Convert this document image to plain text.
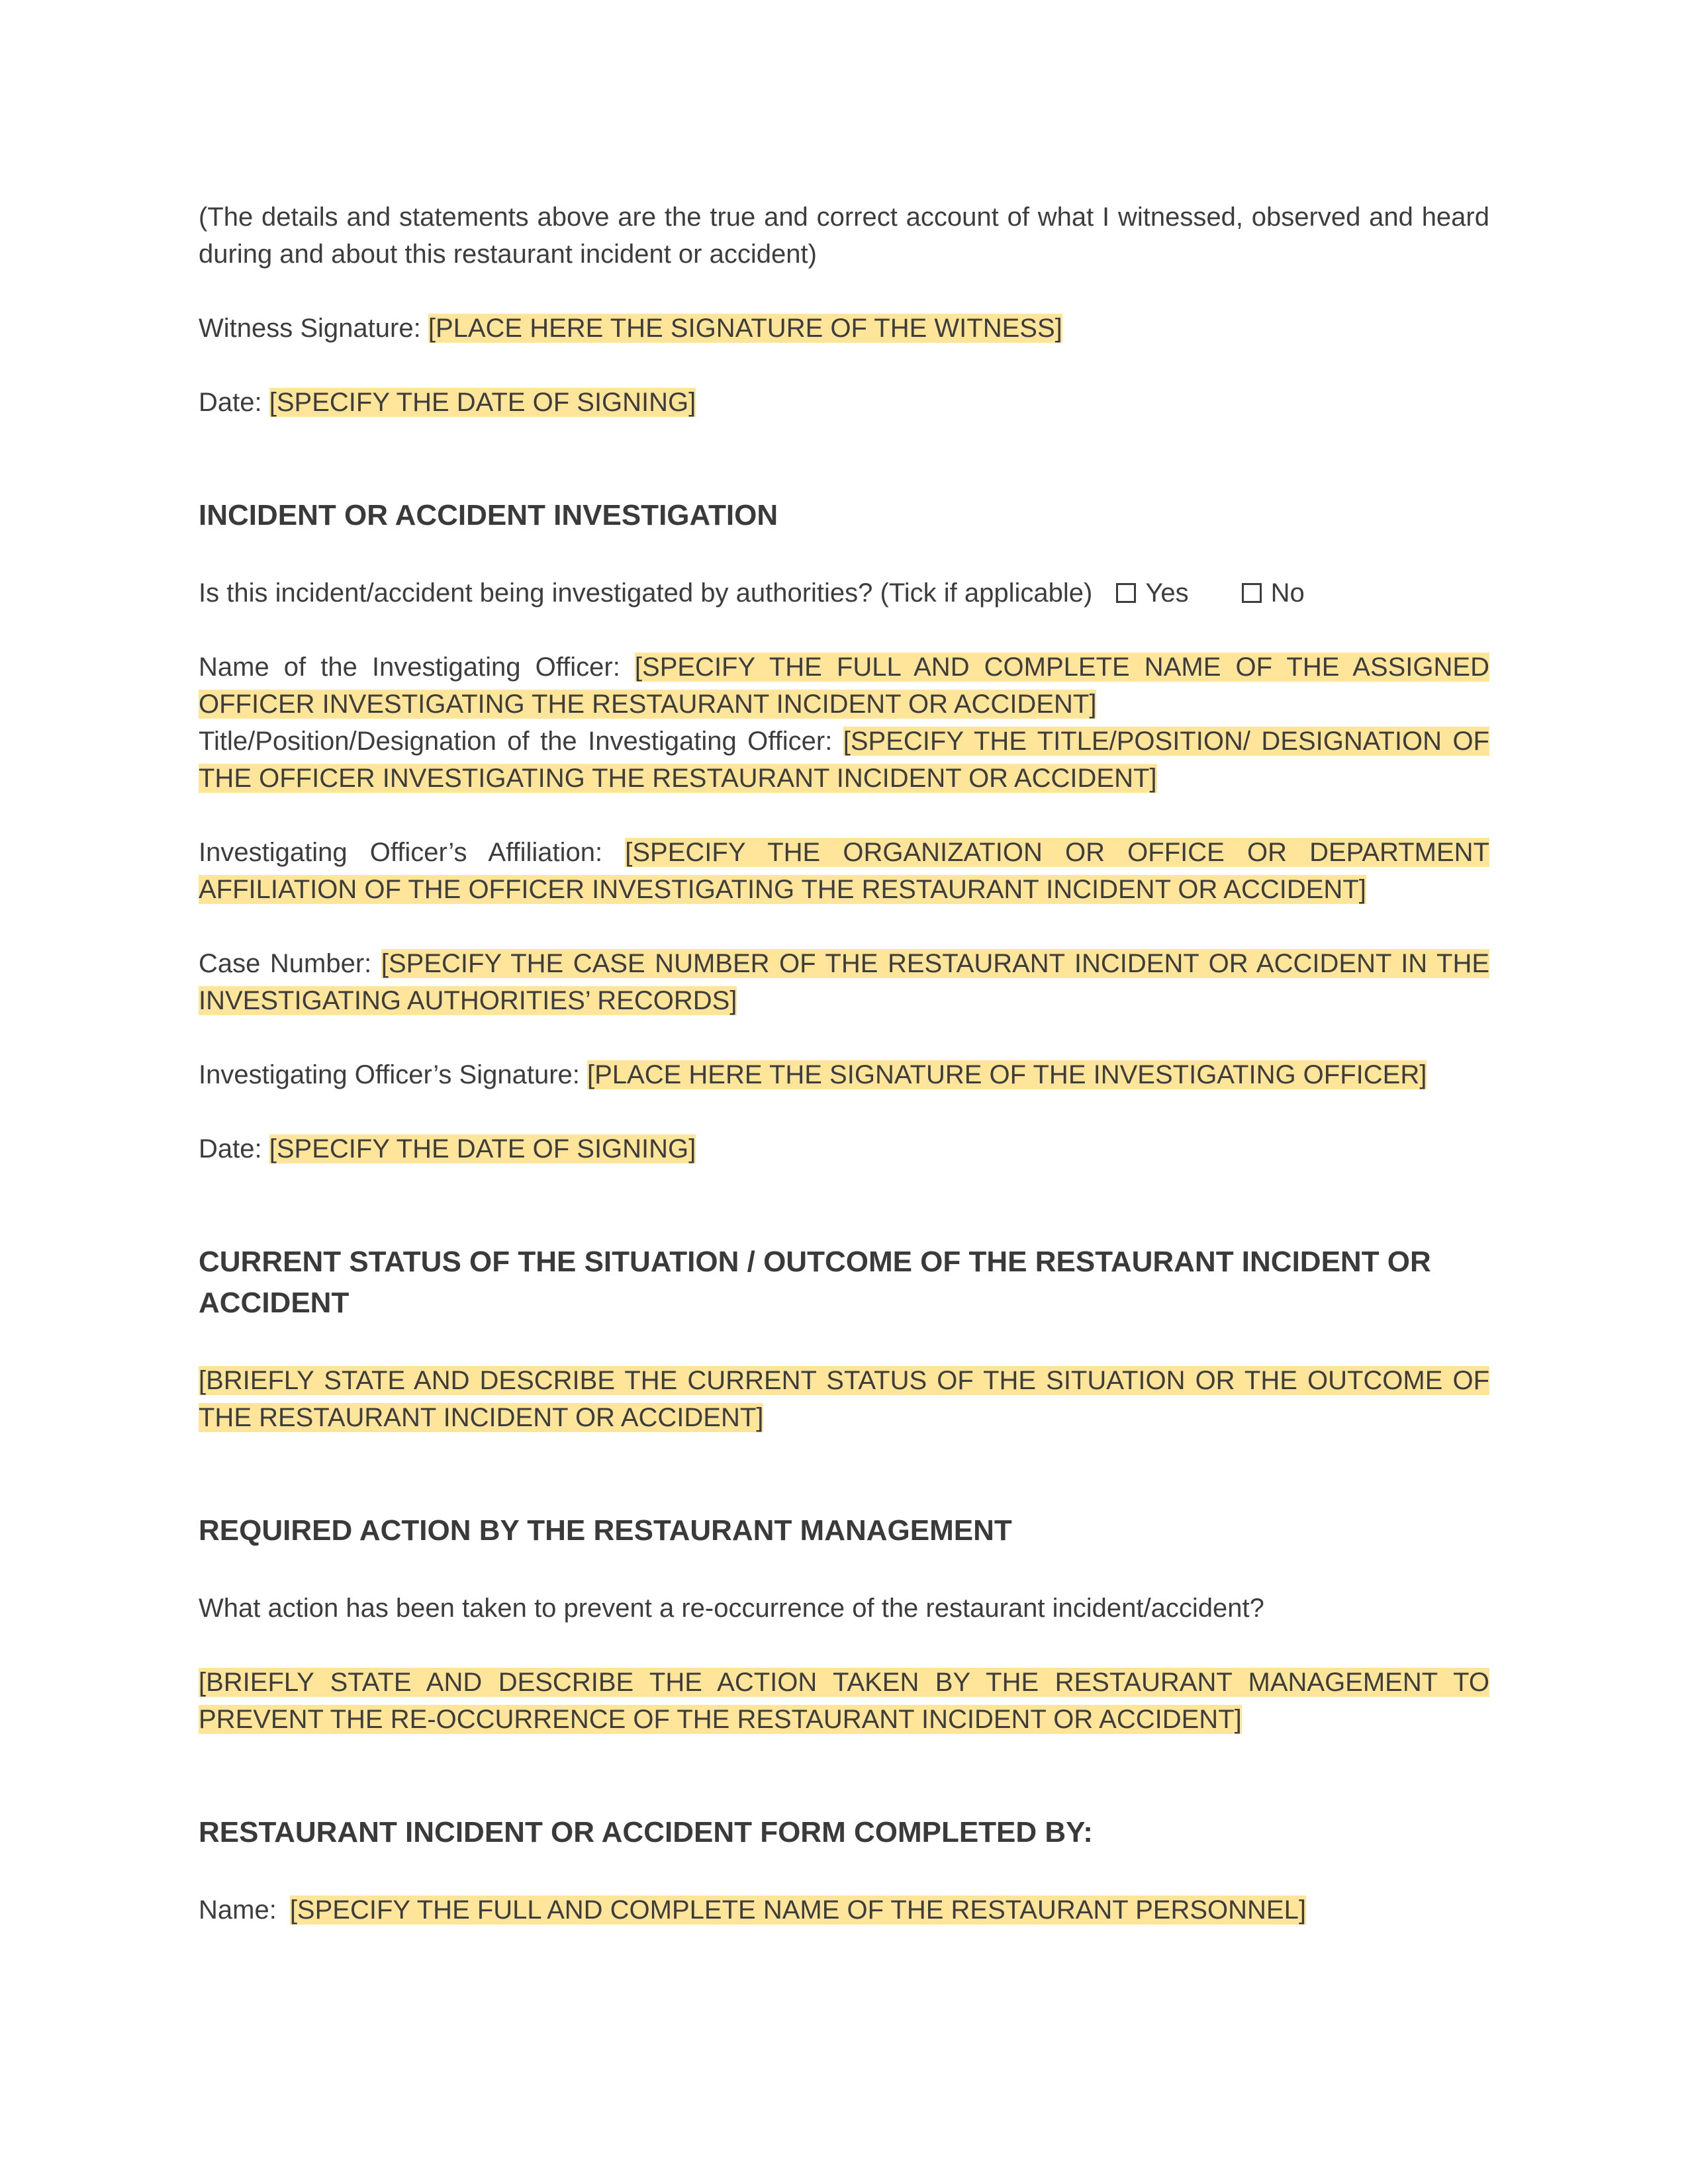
(The details and statements above are the true and correct account of what I witnessed, observed and heard during and about this restaurant incident or accident)

Witness Signature: [PLACE HERE THE SIGNATURE OF THE WITNESS]

Date: [SPECIFY THE DATE OF SIGNING]

INCIDENT OR ACCIDENT INVESTIGATION

Is this incident/accident being investigated by authorities? (Tick if applicable) Yes	No

Name of the Investigating Officer: [SPECIFY THE FULL AND COMPLETE NAME OF THE ASSIGNED OFFICER INVESTIGATING THE RESTAURANT INCIDENT OR ACCIDENT]

Title/Position/Designation of the Investigating Officer: [SPECIFY THE TITLE/POSITION/ DESIGNATION OF THE OFFICER INVESTIGATING THE RESTAURANT INCIDENT OR ACCIDENT]

Investigating Officer’s Affiliation: [SPECIFY THE ORGANIZATION OR OFFICE OR DEPARTMENT AFFILIATION OF THE OFFICER INVESTIGATING THE RESTAURANT INCIDENT OR ACCIDENT]

Case Number: [SPECIFY THE CASE NUMBER OF THE RESTAURANT INCIDENT OR ACCIDENT IN THE INVESTIGATING AUTHORITIES’ RECORDS]

Investigating Officer’s Signature: [PLACE HERE THE SIGNATURE OF THE INVESTIGATING OFFICER]

Date: [SPECIFY THE DATE OF SIGNING]

CURRENT STATUS OF THE SITUATION / OUTCOME OF THE RESTAURANT INCIDENT OR ACCIDENT

[BRIEFLY STATE AND DESCRIBE THE CURRENT STATUS OF THE SITUATION OR THE OUTCOME OF THE RESTAURANT INCIDENT OR ACCIDENT]

REQUIRED ACTION BY THE RESTAURANT MANAGEMENT

What action has been taken to prevent a re-occurrence of the restaurant incident/accident?

[BRIEFLY STATE AND DESCRIBE THE ACTION TAKEN BY THE RESTAURANT MANAGEMENT TO PREVENT THE RE-OCCURRENCE OF THE RESTAURANT INCIDENT OR ACCIDENT]

RESTAURANT INCIDENT OR ACCIDENT FORM COMPLETED BY:

Name: [SPECIFY THE FULL AND COMPLETE NAME OF THE RESTAURANT PERSONNEL]
